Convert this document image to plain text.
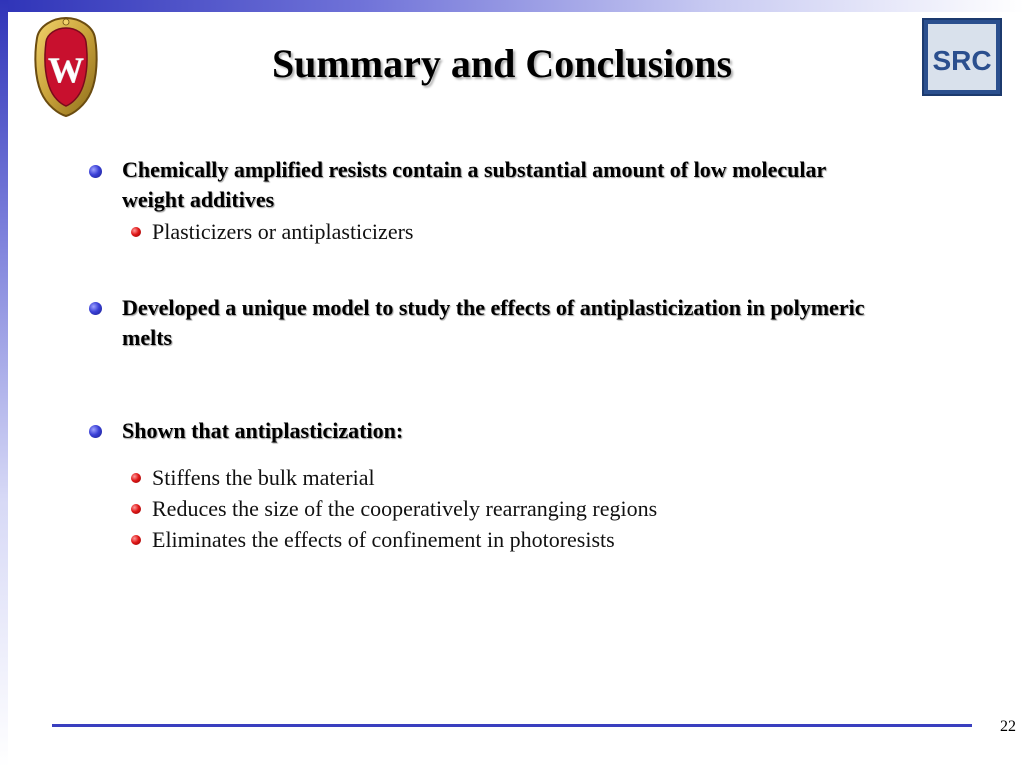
W	Summary and Conclusions	SRC
Chemically amplified resists contain a substantial amount of low molecular weight additives
Plasticizers or antiplasticizers
Developed a unique model to study the effects of antiplasticization in polymeric melts
Shown that antiplasticization:
Stiffens the bulk material
Reduces the size of the cooperatively rearranging regions
Eliminates the effects of confinement in photoresists
22
